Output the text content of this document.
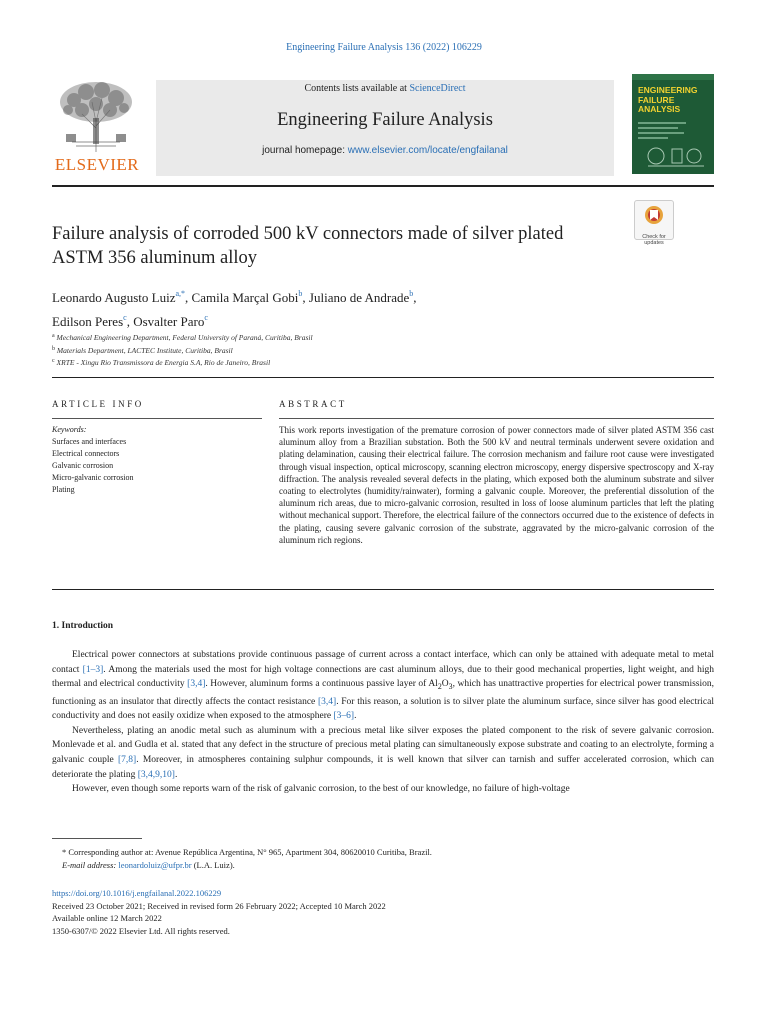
Engineering Failure Analysis 136 (2022) 106229
ELSEVIER
Contents lists available at ScienceDirect
Engineering Failure Analysis
journal homepage: www.elsevier.com/locate/engfailanal
ENGINEERING FAILURE ANALYSIS
Check for updates
Failure analysis of corroded 500 kV connectors made of silver plated ASTM 356 aluminum alloy
Leonardo Augusto Luiz$^{a,*}$, Camila Marçal Gobi$^b$, Juliano de Andrade$^b$,
Edilson Peres$^c$, Osvalter Paro$^c$
$^a$ Mechanical Engineering Department, Federal University of Paraná, Curitiba, Brasil
$^b$ Materials Department, LACTEC Institute, Curitiba, Brasil
$^c$ XRTE - Xingu Rio Transmissora de Energia S.A, Rio de Janeiro, Brasil
ARTICLE INFO	ABSTRACT
Keywords:
Surfaces and interfaces
Electrical connectors
Galvanic corrosion
Micro-galvanic corrosion
Plating
This work reports investigation of the premature corrosion of power connectors made of silver plated ASTM 356 cast aluminum alloy from a Brazilian substation. Both the 500 kV and neutral terminals underwent severe oxidation and plating delamination, causing their electrical failure. The corrosion mechanism and failure root cause were investigated through visual inspection, optical microscopy, scanning electron microscopy, energy dispersive spectroscopy and X-ray diffraction. The analysis revealed several defects in the plating, which exposed both the aluminum substrate and silver coating to electrolytes (humidity/rainwater), forming a galvanic couple. Moreover, the preferential dissolution of the aluminum rich areas, due to micro-galvanic corrosion, resulted in loss of loose aluminum particles that left the plating without mechanical support. Therefore, the electrical failure of the connectors occurred due to the existence of defects in the plating, causing severe galvanic corrosion of the substrate, aggravated by the micro-galvanic corrosion of the aluminum rich regions.
1. Introduction

Electrical power connectors at substations provide continuous passage of current across a contact interface, which can only be attained with adequate metal to metal contact [1–3]. Among the materials used the most for high voltage connections are cast aluminum alloys, due to their good mechanical properties, light weight, and high thermal and electrical conductivity [3,4]. However, aluminum forms a continuous passive layer of $Al_2O_3$, which has unattractive properties for electrical power transmission, functioning as an insulator that directly affects the contact resistance [3,4]. For this reason, a solution is to silver plate the aluminum surface, since silver has good electrical conductivity and does not easily oxidize when exposed to the atmosphere [3–6].

Nevertheless, plating an anodic metal such as aluminum with a precious metal like silver exposes the plated component to the risk of severe galvanic corrosion. Monlevade et al. and Gudla et al. stated that any defect in the structure of precious metal plating can simultaneously expose substrate and coating to an electrolyte, forming a galvanic couple [7,8]. Moreover, in atmospheres containing sulphur compounds, it is well known that silver can tarnish and suffer accelerated corrosion, which can deteriorate the plating [3,4,9,10].

However, even though some reports warn of the risk of galvanic corrosion, to the best of our knowledge, no failure of high-voltage

* Corresponding author at: Avenue República Argentina, N° 965, Apartment 304, 80620010 Curitiba, Brazil.
E-mail address: leonardoluiz@ufpr.br (L.A. Luiz).
https://doi.org/10.1016/j.engfailanal.2022.106229
Received 23 October 2021; Received in revised form 26 February 2022; Accepted 10 March 2022
Available online 12 March 2022
1350-6307/© 2022 Elsevier Ltd. All rights reserved.
